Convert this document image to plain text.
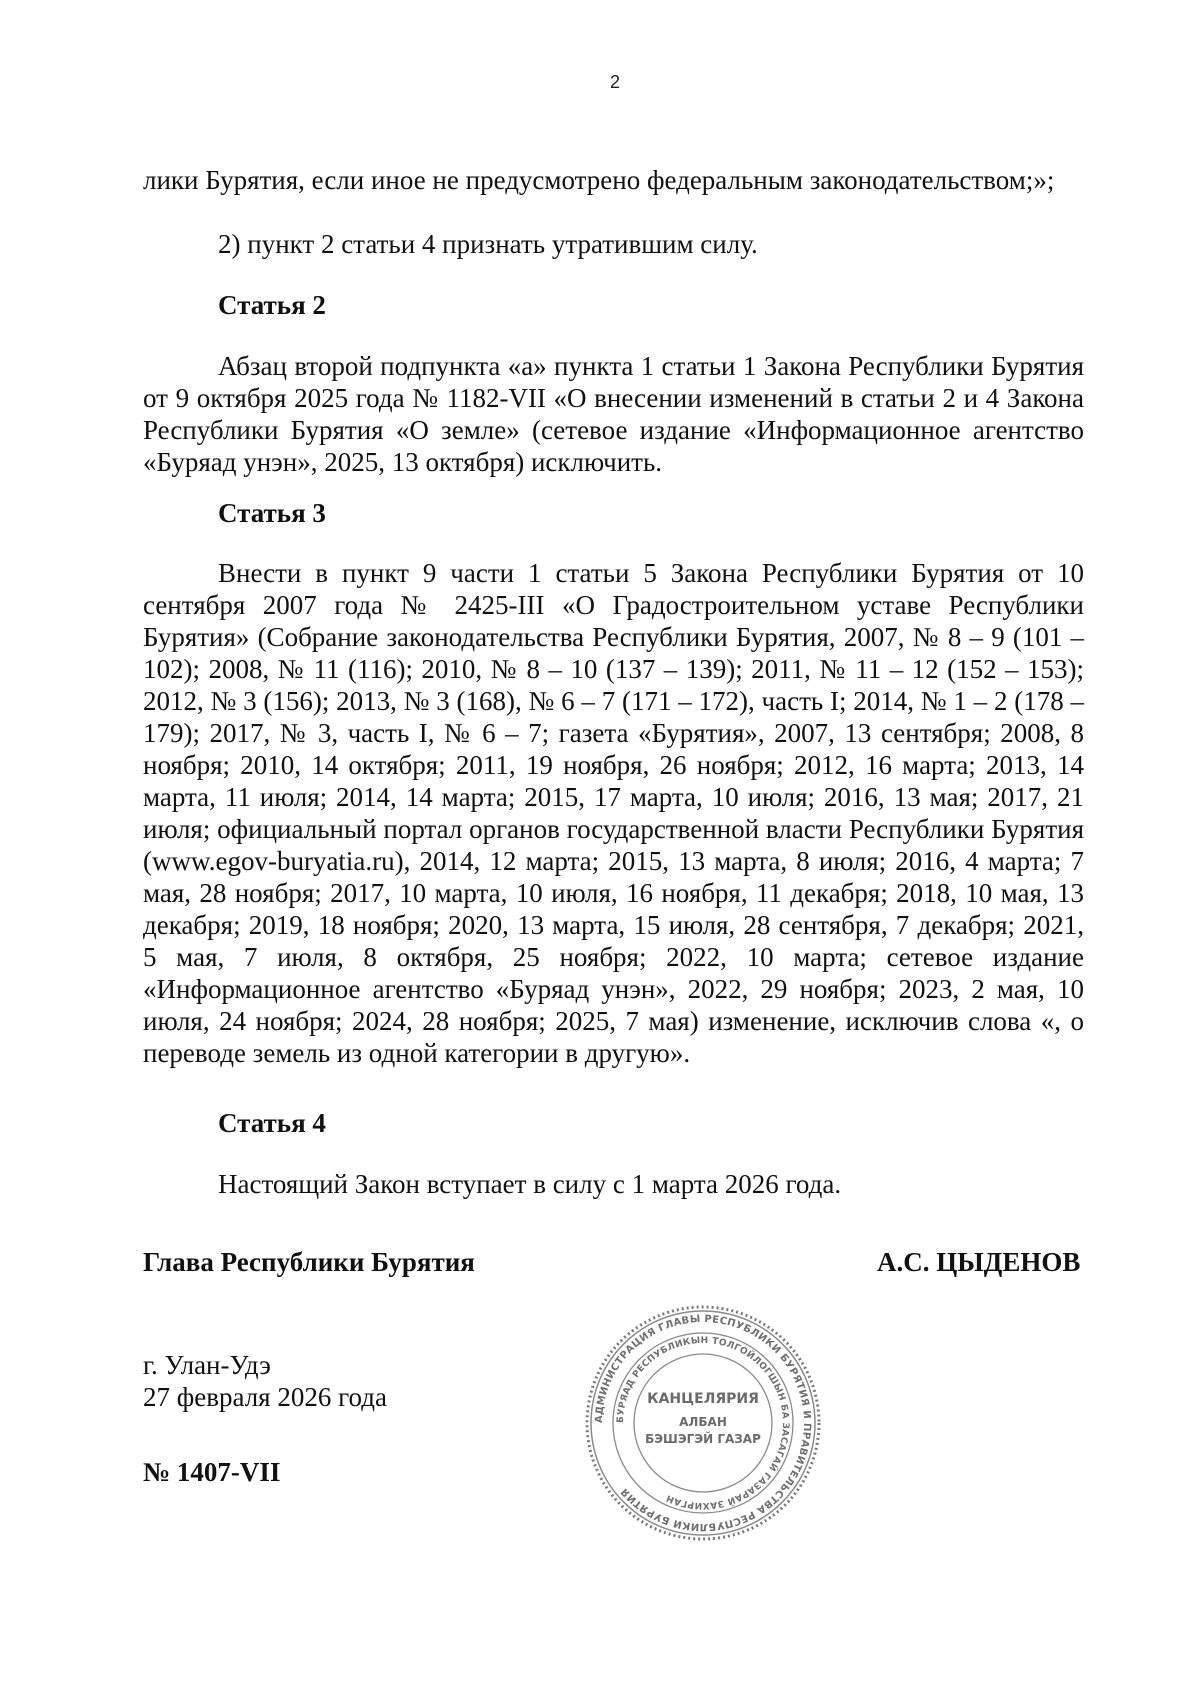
2
лики Бурятия, если иное не предусмотрено федеральным законодательством;»;
2) пункт 2 статьи 4 признать утратившим силу.
Статья 2
Абзац второй подпункта «а» пункта 1 статьи 1 Закона Республики Бурятия от 9 октября 2025 года № 1182-VII «О внесении изменений в статьи 2 и 4 Закона Республики Бурятия «О земле» (сетевое издание «Информационное агентство «Буряад унэн», 2025, 13 октября) исключить.
Статья 3
Внести в пункт 9 части 1 статьи 5 Закона Республики Бурятия от 10 сентября 2007 года № 2425-III «О Градостроительном уставе Республики Бурятия» (Собрание законодательства Республики Бурятия, 2007, № 8 – 9 (101 – 102); 2008, № 11 (116); 2010, № 8 – 10 (137 – 139); 2011, № 11 – 12 (152 – 153); 2012, № 3 (156); 2013, № 3 (168), № 6 – 7 (171 – 172), часть I; 2014, № 1 – 2 (178 – 179); 2017, № 3, часть I, № 6 – 7; газета «Бурятия», 2007, 13 сентября; 2008, 8 ноября; 2010, 14 октября; 2011, 19 ноября, 26 ноября; 2012, 16 марта; 2013, 14 марта, 11 июля; 2014, 14 марта; 2015, 17 марта, 10 июля; 2016, 13 мая; 2017, 21 июля; официальный портал органов государственной власти Республики Бурятия (www.egov-buryatia.ru), 2014, 12 марта; 2015, 13 марта, 8 июля; 2016, 4 марта; 7 мая, 28 ноября; 2017, 10 марта, 10 июля, 16 ноября, 11 декабря; 2018, 10 мая, 13 декабря; 2019, 18 ноября; 2020, 13 марта, 15 июля, 28 сентября, 7 декабря; 2021, 5 мая, 7 июля, 8 октября, 25 ноября; 2022, 10 марта; сетевое издание «Информационное агентство «Буряад унэн», 2022, 29 ноября; 2023, 2 мая, 10 июля, 24 ноября; 2024, 28 ноября; 2025, 7 мая) изменение, исключив слова «, о переводе земель из одной категории в другую».
Статья 4
Настоящий Закон вступает в силу с 1 марта 2026 года.
Глава Республики Бурятия	А.С. ЦЫДЕНОВ
г. Улан-Удэ
27 февраля 2026 года
№ 1407-VII
АДМИНИСТРАЦИЯ ГЛАВЫ РЕСПУБЛИКИ БУРЯТИЯ И ПРАВИТЕЛЬСТВА РЕСПУБЛИКИ БУРЯТИЯ
БУРЯАД РЕСПУБЛИКЫН ТОЛГОЙЛОГШЫН БА ЗАСАГАЙ ГАЗАРАЙ ЗАХИРГАН
КАНЦЕЛЯРИЯ
АЛБАН
БЭШЭГЭЙ ГАЗАР
